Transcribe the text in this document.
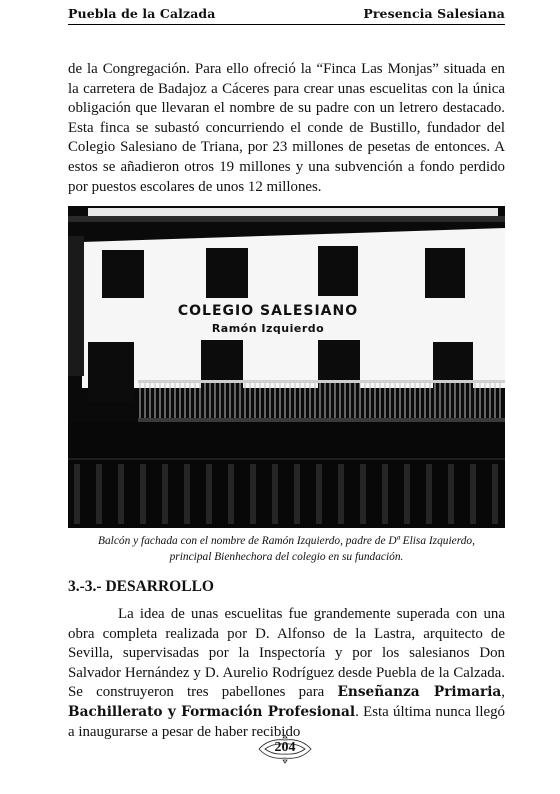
Puebla de la Calzada	Presencia Salesiana

de la Congregación. Para ello ofreció la “Finca Las Monjas” situada en la carretera de Badajoz a Cáceres para crear unas escuelitas con la única obligación que llevaran el nombre de su padre con un letrero destacado. Esta finca se subastó concurriendo el conde de Bustillo, fundador del Colegio Salesiano de Triana, por 23 millones de pesetas de entonces. A estos se añadieron otros 19 millones y una subvención a fondo perdido por puestos escolares de unos 12 millones.

COLEGIO SALESIANO
Ramón Izquierdo
Balcón y fachada con el nombre de Ramón Izquierdo, padre de Dª Elisa Izquierdo,
principal Bienhechora del colegio en su fundación.
3.-3.- DESARROLLO

La idea de unas escuelitas fue grandemente superada con una obra completa realizada por D. Alfonso de la Lastra, arquitecto de Sevilla, supervisadas por la Inspectoría y por los salesianos Don Salvador Hernández y D. Aurelio Rodríguez desde Puebla de la Calzada. Se construyeron tres pabellones para Enseñanza Primaria, Bachillerato y Formación Profesional. Esta última nunca llegó a inaugurarse a pesar de haber recibido

204
